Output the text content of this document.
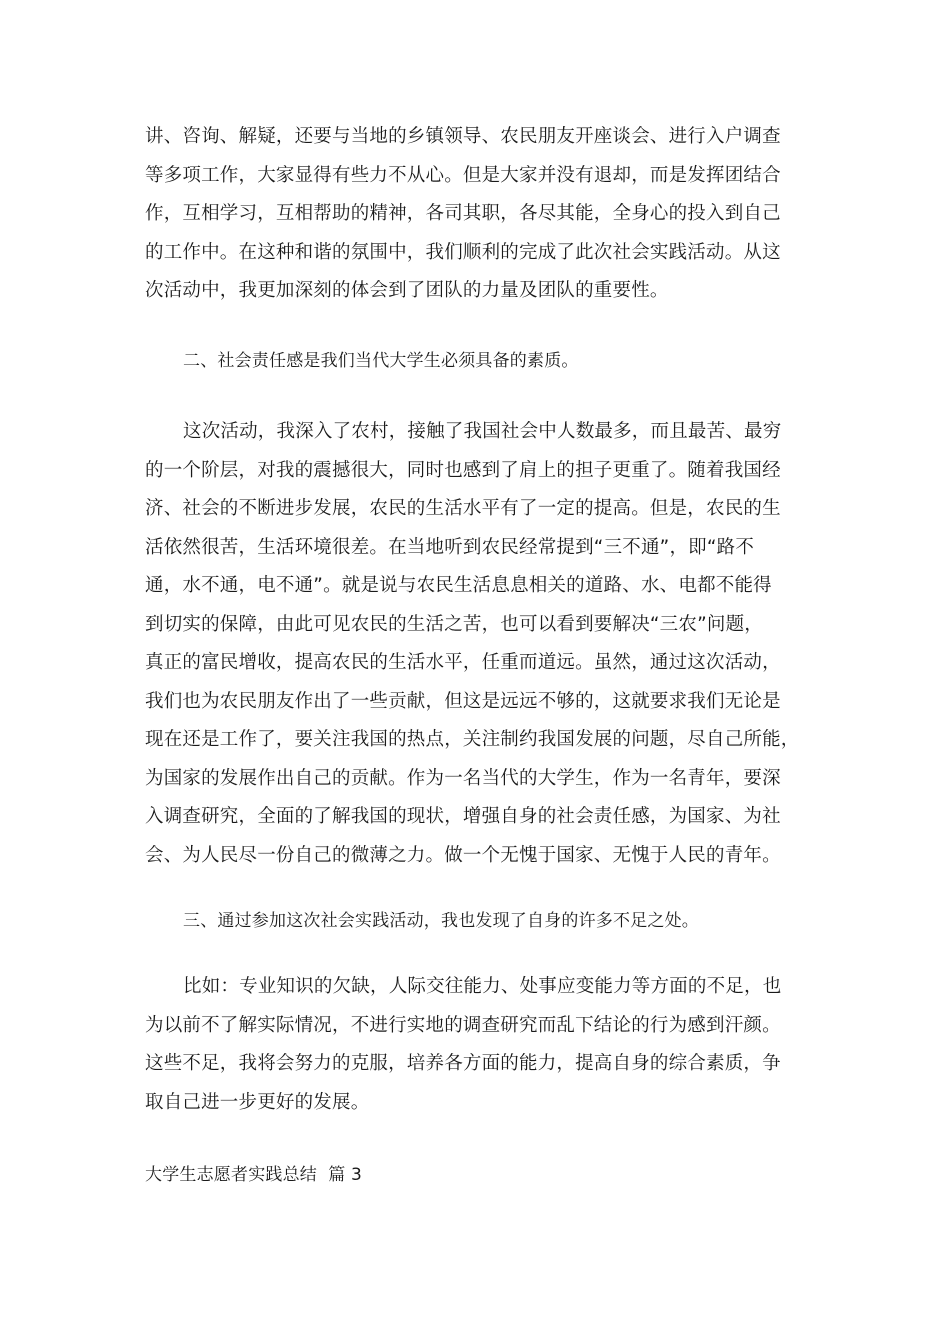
讲、咨询、解疑，还要与当地的乡镇领导、农民朋友开座谈会、进行入户调查
等多项工作，大家显得有些力不从心。但是大家并没有退却，而是发挥团结合
作，互相学习，互相帮助的精神，各司其职，各尽其能，全身心的投入到自己
的工作中。在这种和谐的氛围中，我们顺利的完成了此次社会实践活动。从这
次活动中，我更加深刻的体会到了团队的力量及团队的重要性。
二、社会责任感是我们当代大学生必须具备的素质。
这次活动，我深入了农村，接触了我国社会中人数最多，而且最苦、最穷
的一个阶层，对我的震撼很大，同时也感到了肩上的担子更重了。随着我国经
济、社会的不断进步发展，农民的生活水平有了一定的提高。但是，农民的生
活依然很苦，生活环境很差。在当地听到农民经常提到“三不通”，即“路不
通，水不通，电不通”。就是说与农民生活息息相关的道路、水、电都不能得
到切实的保障，由此可见农民的生活之苦，也可以看到要解决“三农”问题，
真正的富民增收，提高农民的生活水平，任重而道远。虽然，通过这次活动，
我们也为农民朋友作出了一些贡献，但这是远远不够的，这就要求我们无论是
现在还是工作了，要关注我国的热点，关注制约我国发展的问题，尽自己所能，
为国家的发展作出自己的贡献。作为一名当代的大学生，作为一名青年，要深
入调查研究，全面的了解我国的现状，增强自身的社会责任感，为国家、为社
会、为人民尽一份自己的微薄之力。做一个无愧于国家、无愧于人民的青年。
三、通过参加这次社会实践活动，我也发现了自身的许多不足之处。
比如：专业知识的欠缺，人际交往能力、处事应变能力等方面的不足，也
为以前不了解实际情况，不进行实地的调查研究而乱下结论的行为感到汗颜。
这些不足，我将会努力的克服，培养各方面的能力，提高自身的综合素质，争
取自己进一步更好的发展。
大学生志愿者实践总结  篇 3
